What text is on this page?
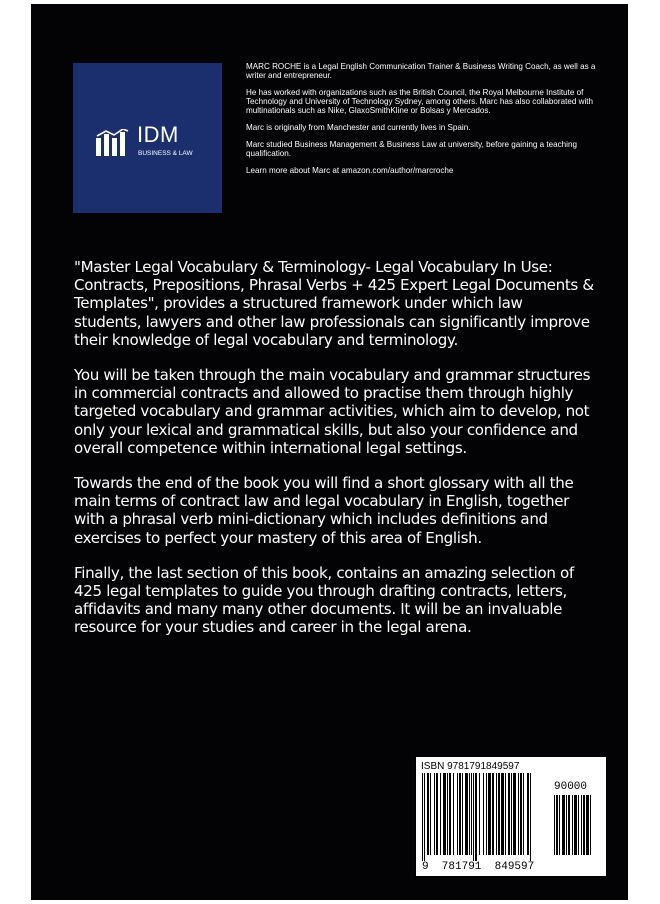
IDM
BUSINESS & LAW

MARC ROCHE is a Legal English Communication Trainer & Business Writing Coach, as well as a writer and entrepreneur.

He has worked with organizations such as the British Council, the Royal Melbourne Institute of Technology and University of Technology Sydney, among others. Marc has also collaborated with multinationals such as Nike, GlaxoSmithKline or Bolsas y Mercados.

Marc is originally from Manchester and currently lives in Spain.

Marc studied Business Management & Business Law at university, before gaining a teaching qualification.

Learn more about Marc at amazon.com/author/marcroche

"Master Legal Vocabulary & Terminology- Legal Vocabulary In Use: Contracts, Prepositions, Phrasal Verbs + 425 Expert Legal Documents & Templates", provides a structured framework under which law students, lawyers and other law professionals can significantly improve their knowledge of legal vocabulary and terminology.

You will be taken through the main vocabulary and grammar structures in commercial contracts and allowed to practise them through highly targeted vocabulary and grammar activities, which aim to develop, not only your lexical and grammatical skills, but also your confidence and overall competence within international legal settings.

Towards the end of the book you will find a short glossary with all the main terms of contract law and legal vocabulary in English, together with a phrasal verb mini-dictionary which includes definitions and exercises to perfect your mastery of this area of English.

Finally, the last section of this book, contains an amazing selection of 425 legal templates to guide you through drafting contracts, letters, affidavits and many many other documents. It will be an invaluable resource for your studies and career in the legal arena.

ISBN 9781791849597
90000
9  781791  849597
